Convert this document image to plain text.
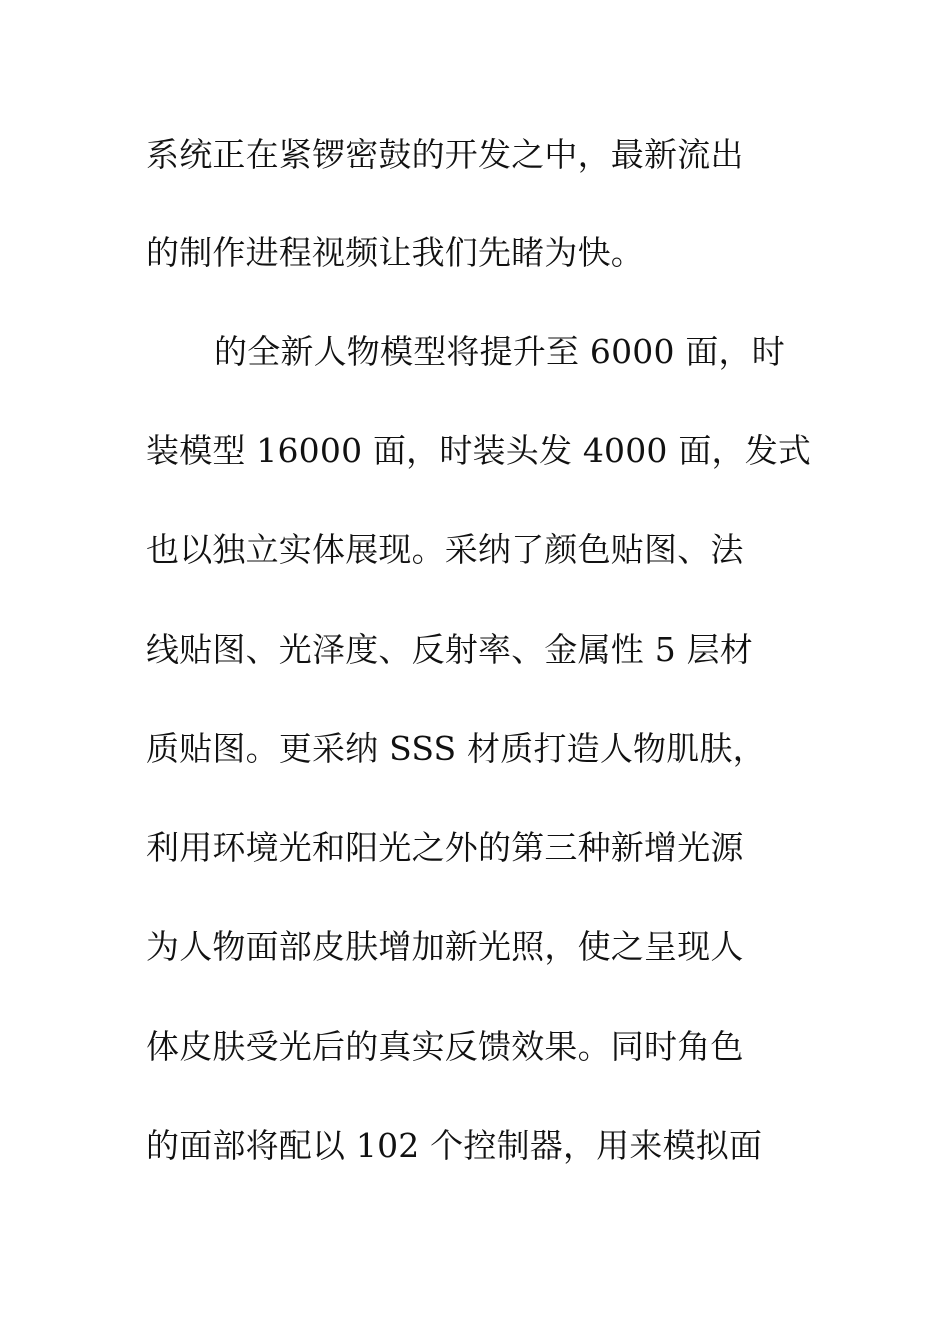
系统正在紧锣密鼓的开发之中，最新流出
的制作进程视频让我们先睹为快。
的全新人物模型将提升至 6000 面，时
装模型 16000 面，时装头发 4000 面，发式
也以独立实体展现。采纳了颜色贴图、法
线贴图、光泽度、反射率、金属性 5 层材
质贴图。更采纳 SSS 材质打造人物肌肤，
利用环境光和阳光之外的第三种新增光源
为人物面部皮肤增加新光照，使之呈现人
体皮肤受光后的真实反馈效果。同时角色
的面部将配以 102 个控制器，用来模拟面
